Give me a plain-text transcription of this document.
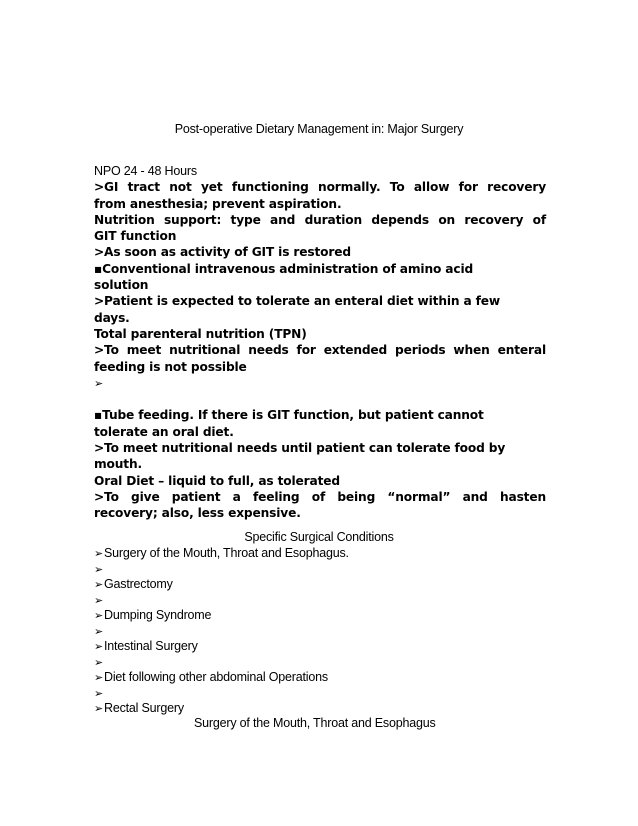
Post-operative Dietary Management in: Major Surgery
NPO 24 - 48 Hours
>GI tract not yet functioning normally. To allow for recovery
from anesthesia; prevent aspiration.
Nutrition support: type and duration depends on recovery of
GIT function
>As soon as activity of GIT is restored
▪Conventional intravenous administration of amino acid
solution
>Patient is expected to tolerate an enteral diet within a few
days.
Total parenteral nutrition (TPN)
>To meet nutritional needs for extended periods when enteral
feeding is not possible
➢
▪Tube feeding. If there is GIT function, but patient cannot
tolerate an oral diet.
>To meet nutritional needs until patient can tolerate food by
mouth.
Oral Diet – liquid to full, as tolerated
>To give patient a feeling of being “normal” and hasten
recovery; also, less expensive.
Specific Surgical Conditions
➢Surgery of the Mouth, Throat and Esophagus.
➢
➢Gastrectomy
➢
➢Dumping Syndrome
➢
➢Intestinal Surgery
➢
➢Diet following other abdominal Operations
➢
➢Rectal Surgery
Surgery of the Mouth, Throat and Esophagus
